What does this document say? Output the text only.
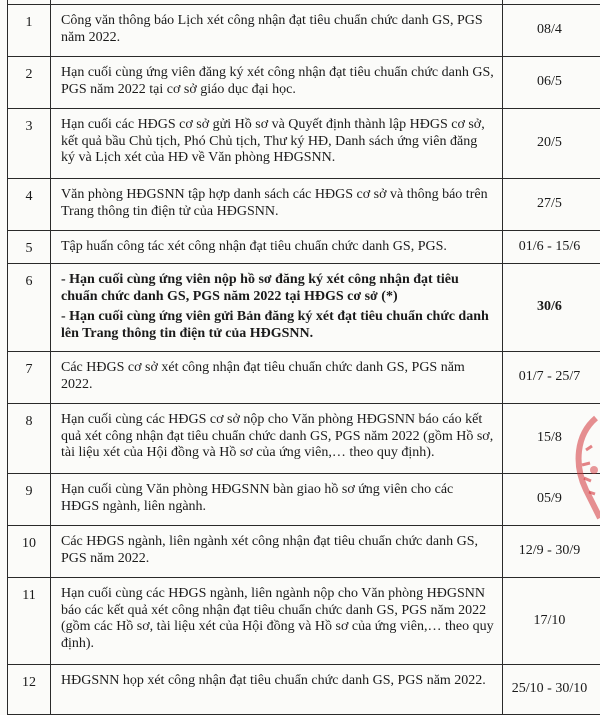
1	Công văn thông báo Lịch xét công nhận đạt tiêu chuẩn chức danh GS, PGS năm 2022.	08/4
2	Hạn cuối cùng ứng viên đăng ký xét công nhận đạt tiêu chuẩn chức danh GS, PGS năm 2022 tại cơ sở giáo dục đại học.	06/5
3	Hạn cuối các HĐGS cơ sở gửi Hồ sơ và Quyết định thành lập HĐGS cơ sở, kết quả bầu Chủ tịch, Phó Chủ tịch, Thư ký HĐ, Danh sách ứng viên đăng ký và Lịch xét của HĐ về Văn phòng HĐGSNN.	20/5
4	Văn phòng HĐGSNN tập hợp danh sách các HĐGS cơ sở và thông báo trên Trang thông tin điện tử của HĐGSNN.	27/5
5	Tập huấn công tác xét công nhận đạt tiêu chuẩn chức danh GS, PGS.	01/6 - 15/6
6	- Hạn cuối cùng ứng viên nộp hồ sơ đăng ký xét công nhận đạt tiêu chuẩn chức danh GS, PGS năm 2022 tại HĐGS cơ sở (*)
- Hạn cuối cùng ứng viên gửi Bản đăng ký xét đạt tiêu chuẩn chức danh lên Trang thông tin điện tử của HĐGSNN.	30/6
7	Các HĐGS cơ sở xét công nhận đạt tiêu chuẩn chức danh GS, PGS năm 2022.	01/7 - 25/7
8	Hạn cuối cùng các HĐGS cơ sở nộp cho Văn phòng HĐGSNN báo cáo kết quả xét công nhận đạt tiêu chuẩn chức danh GS, PGS năm 2022 (gồm Hồ sơ, tài liệu xét của Hội đồng và Hồ sơ của ứng viên,… theo quy định).	15/8
9	Hạn cuối cùng Văn phòng HĐGSNN bàn giao hồ sơ ứng viên cho các HĐGS ngành, liên ngành.	05/9
10	Các HĐGS ngành, liên ngành xét công nhận đạt tiêu chuẩn chức danh GS, PGS năm 2022.	12/9 - 30/9
11	Hạn cuối cùng các HĐGS ngành, liên ngành nộp cho Văn phòng HĐGSNN báo các kết quả xét công nhận đạt tiêu chuẩn chức danh GS, PGS năm 2022 (gồm các Hồ sơ, tài liệu xét của Hội đồng và Hồ sơ của ứng viên,… theo quy định).	17/10
12	HĐGSNN họp xét công nhận đạt tiêu chuẩn chức danh GS, PGS năm 2022.	25/10 - 30/10
